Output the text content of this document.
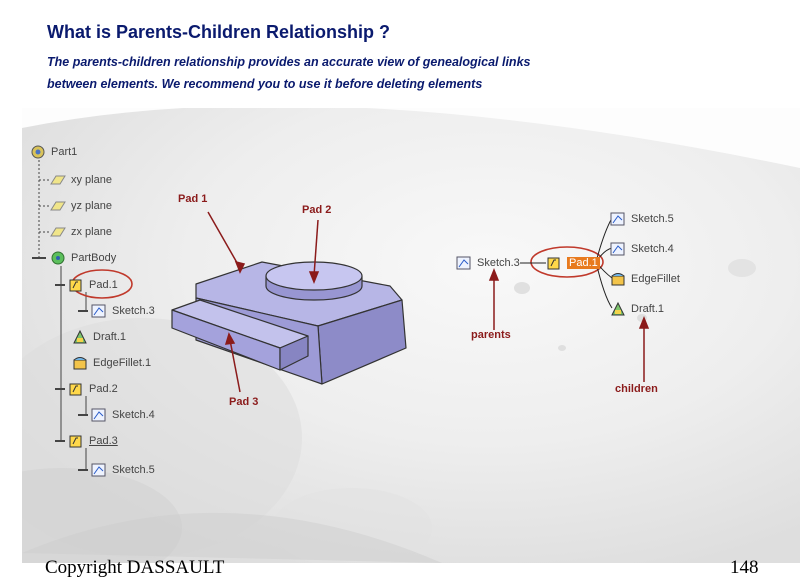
What is Parents-Children Relationship ?
The parents-children relationship provides an accurate view of genealogical links
between elements. We recommend you to use it before deleting elements
Part1
xy plane
yz plane
zx plane
PartBody
Pad.1
Sketch.3
Draft.1
EdgeFillet.1
Pad.2
Sketch.4
Pad.3
Sketch.5
Pad 1
Pad 2
Pad 3
Sketch.3	Pad.1
Sketch.5
Sketch.4
EdgeFillet
Draft.1
parents
children
Copyright DASSAULT	148
